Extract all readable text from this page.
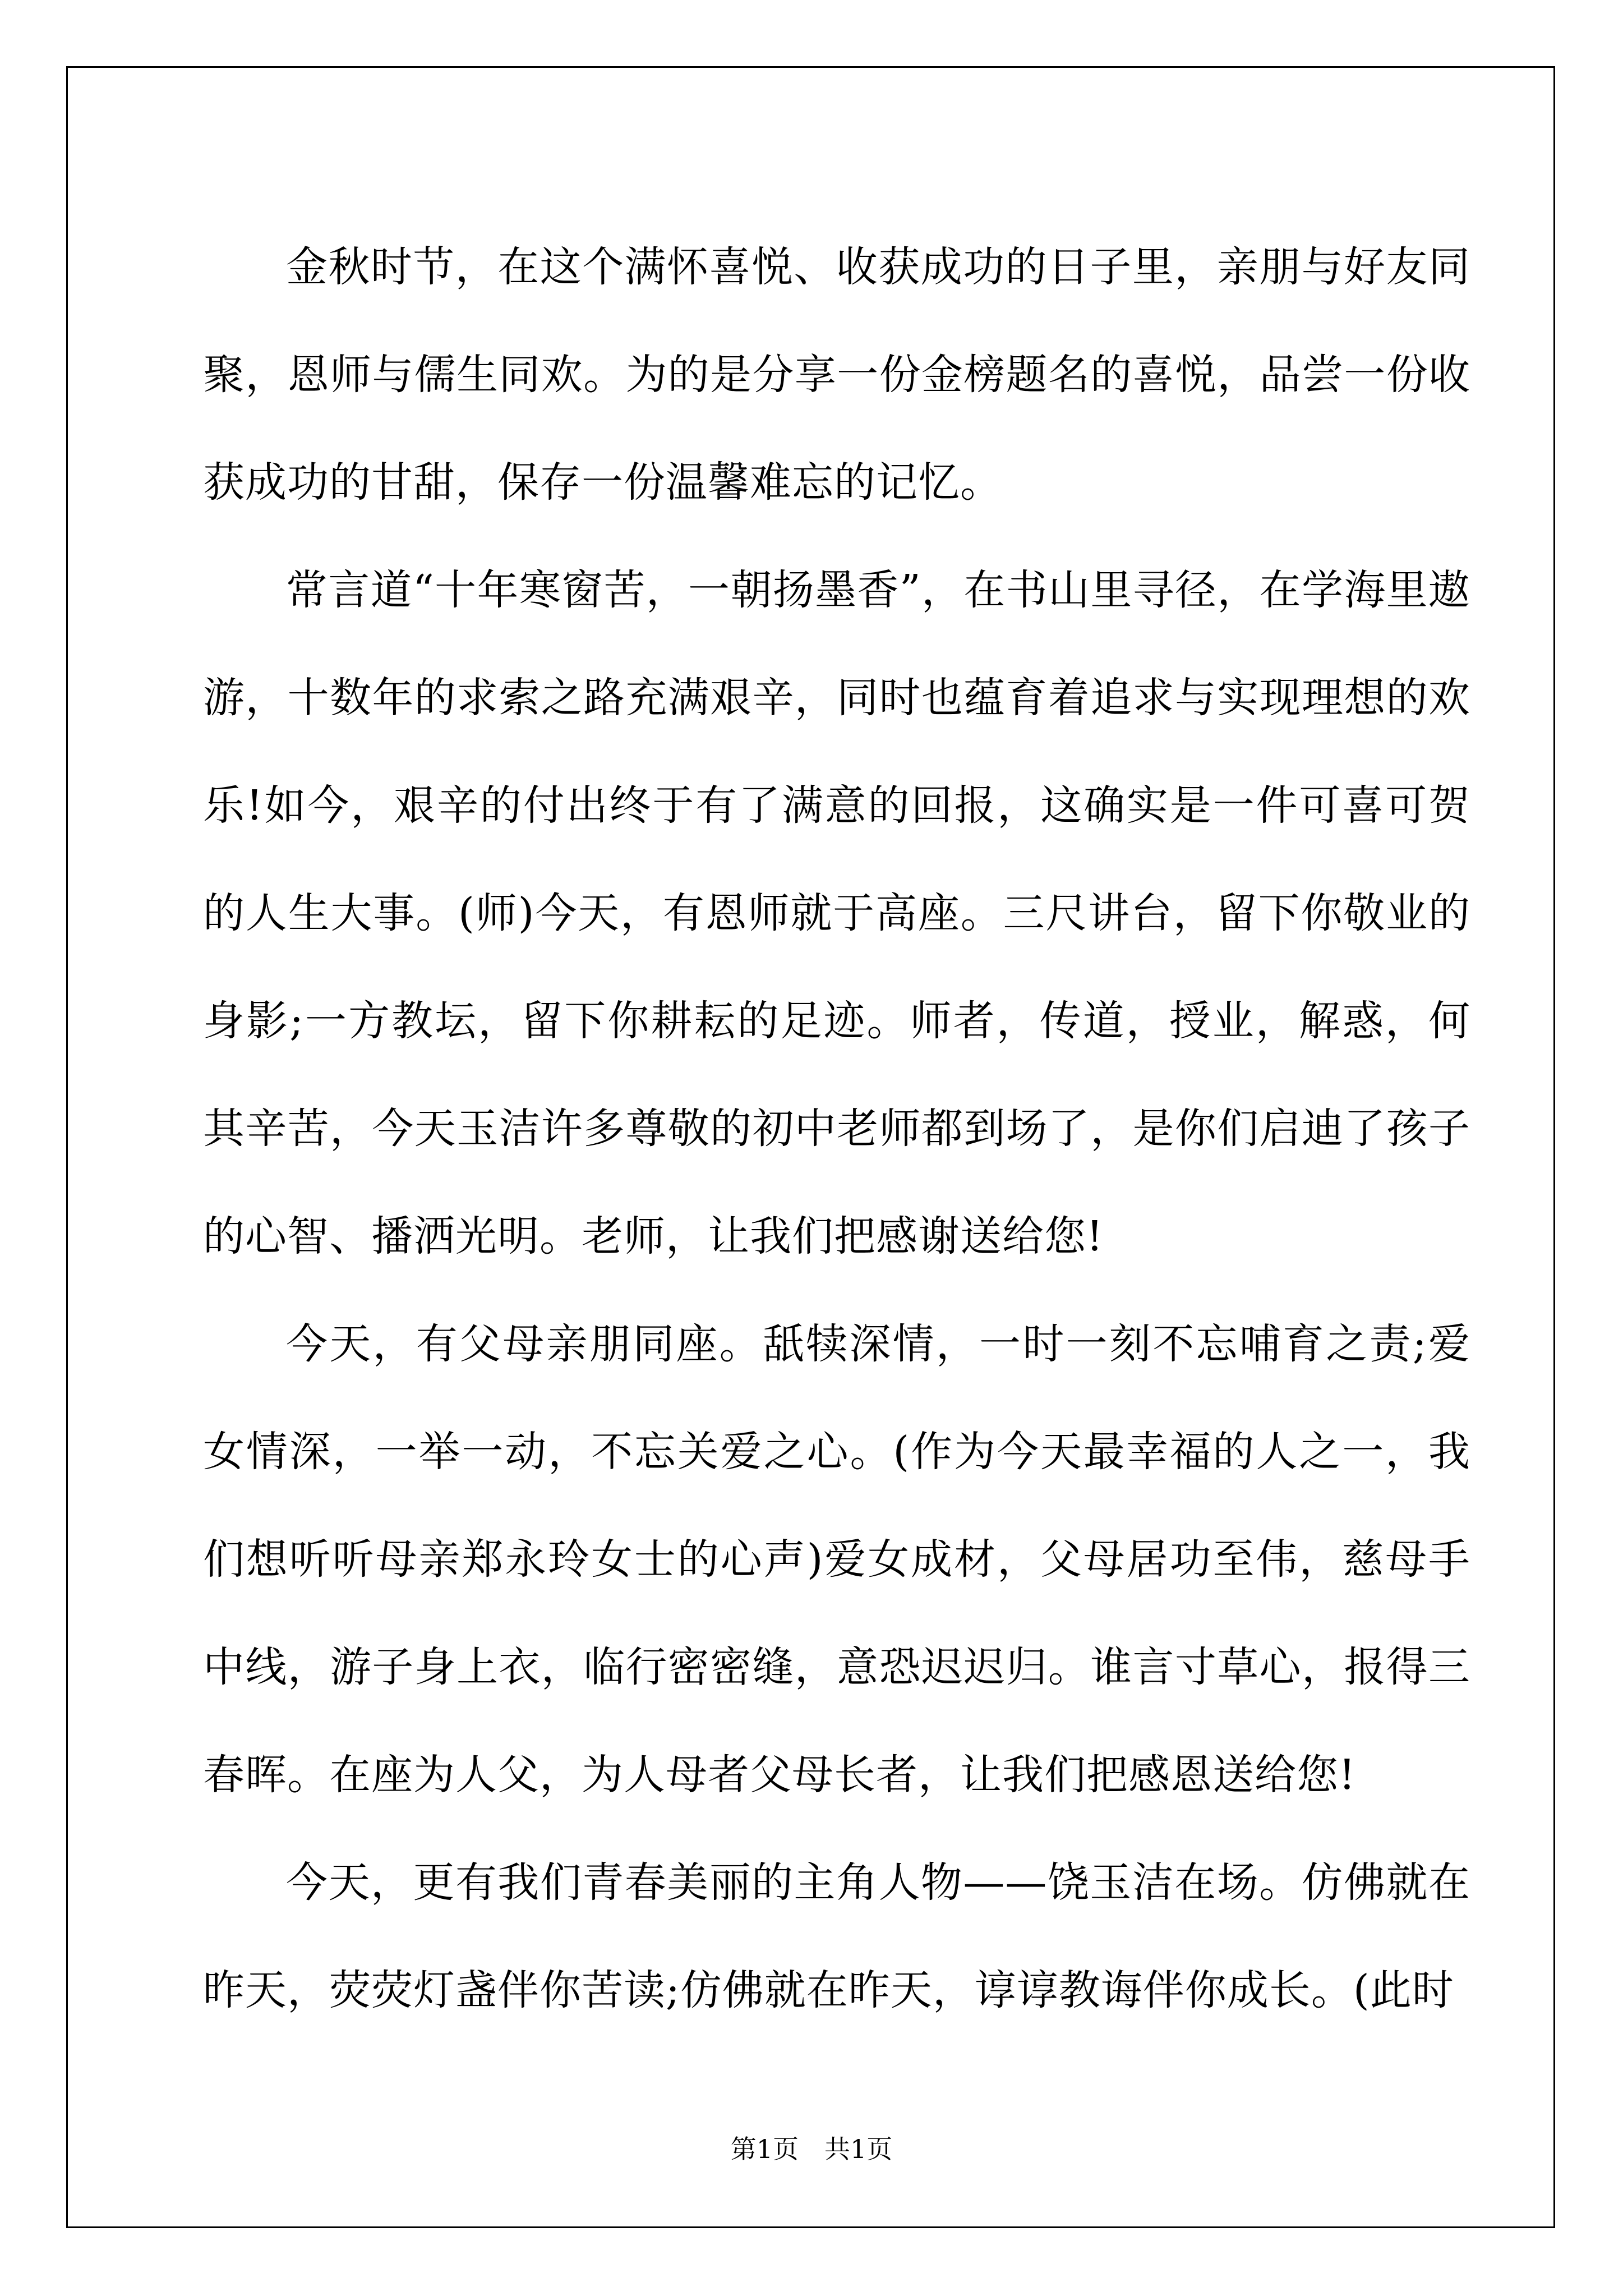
金秋时节，在这个满怀喜悦、收获成功的日子里，亲朋与好友同聚，恩师与儒生同欢。为的是分享一份金榜题名的喜悦，品尝一份收获成功的甘甜，保存一份温馨难忘的记忆。

常言道“十年寒窗苦，一朝扬墨香”，在书山里寻径，在学海里遨游，十数年的求索之路充满艰辛，同时也蕴育着追求与实现理想的欢乐!如今，艰辛的付出终于有了满意的回报，这确实是一件可喜可贺的人生大事。(师)今天，有恩师就于高座。三尺讲台，留下你敬业的身影;一方教坛，留下你耕耘的足迹。师者，传道，授业，解惑，何其辛苦，今天玉洁许多尊敬的初中老师都到场了，是你们启迪了孩子的心智、播洒光明。老师，让我们把感谢送给您!

今天，有父母亲朋同座。舐犊深情，一时一刻不忘哺育之责;爱女情深，一举一动，不忘关爱之心。(作为今天最幸福的人之一，我们想听听母亲郑永玲女士的心声)爱女成材，父母居功至伟，慈母手中线，游子身上衣，临行密密缝，意恐迟迟归。谁言寸草心，报得三春晖。在座为人父，为人母者父母长者，让我们把感恩送给您!

今天，更有我们青春美丽的主角人物——饶玉洁在场。仿佛就在昨天，荧荧灯盏伴你苦读;仿佛就在昨天，谆谆教诲伴你成长。(此时

第1页　共1页
